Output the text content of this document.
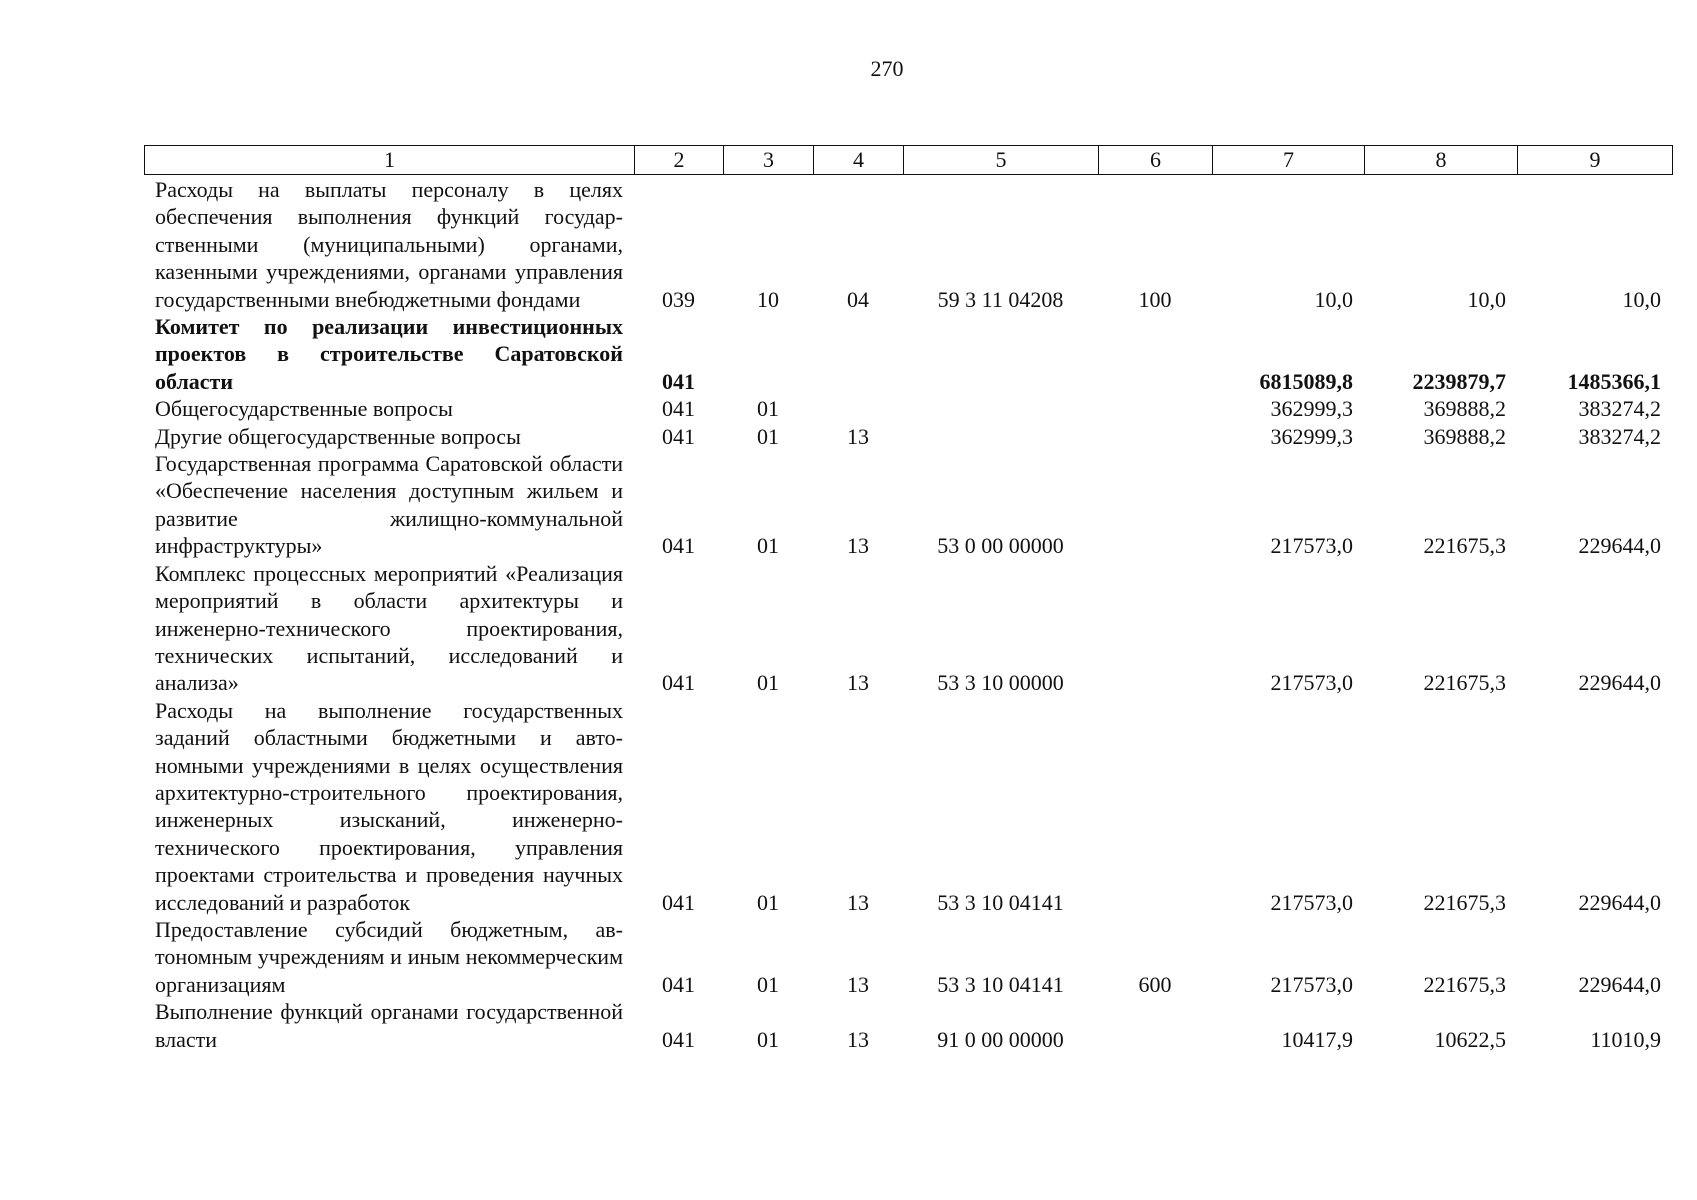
270
1	2	3	4	5	6	7	8	9
Расходы на выплаты персоналу в целях обеспечения выполнения функций государственными (муниципальными) органами, казенными учреждениями, органами управления государственными внебюджетными фондами	039	10	04	59 3 11 04208	100	10,0	10,0	10,0
Комитет по реализации инвестиционных проектов в строительстве Саратовской области	041					6815089,8	2239879,7	1485366,1
Общегосударственные вопросы	041	01				362999,3	369888,2	383274,2
Другие общегосударственные вопросы	041	01	13			362999,3	369888,2	383274,2
Государственная программа Саратовской области «Обеспечение населения доступным жильем и развитие жилищно-коммунальной инфраструктуры»	041	01	13	53 0 00 00000		217573,0	221675,3	229644,0
Комплекс процессных мероприятий «Реализация мероприятий в области архитектуры и инженерно-технического проектирования, технических испытаний, исследований и анализа»	041	01	13	53 3 10 00000		217573,0	221675,3	229644,0
Расходы на выполнение государственных заданий областными бюджетными и автономными учреждениями в целях осуществления архитектурно-строительного проектирования, инженерных изысканий, инженерно-технического проектирования, управления проектами строительства и проведения научных исследований и разработок	041	01	13	53 3 10 04141		217573,0	221675,3	229644,0
Предоставление субсидий бюджетным, автономным учреждениям и иным некоммерческим организациям	041	01	13	53 3 10 04141	600	217573,0	221675,3	229644,0
Выполнение функций органами государственной власти	041	01	13	91 0 00 00000		10417,9	10622,5	11010,9
